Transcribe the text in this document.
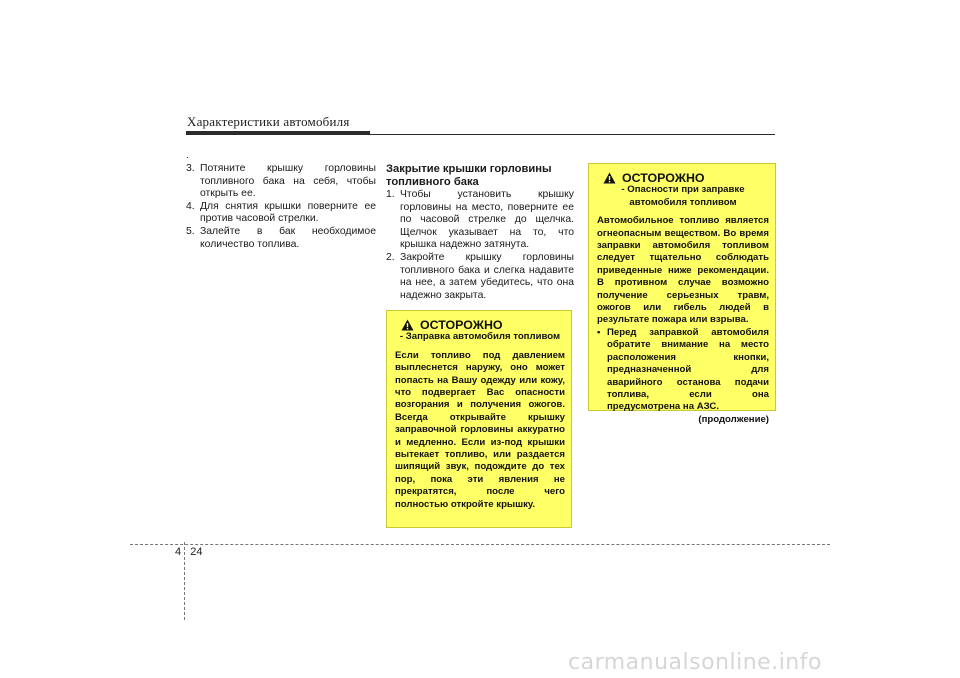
Характеристики автомобиля
.
3. Потяните крышку горловины топливного бака на себя, чтобы открыть ее.
4. Для снятия крышки поверните ее против часовой стрелки.
5. Залейте в бак необходимое количество топлива.

Закрытие крышки горловины топливного бака

1. Чтобы установить крышку горловины на место, поверните ее по часовой стрелке до щелчка. Щелчок указывает на то, что крышка надежно затянута.
2. Закройте крышку горловины топливного бака и слегка надавите на нее, а затем убедитесь, что она надежно закрыта.
ОСТОРОЖНО

- Заправка автомобиля топливом

Если топливо под давлением выплеснется наружу, оно может попасть на Вашу одежду или кожу, что подвергает Вас опасности возгорания и получения ожогов. Всегда открывайте крышку заправочной горловины аккуратно и медленно. Если из-под крышки вытекает топливо, или раздается шипящий звук, подождите до тех пор, пока эти явления не прекратятся, после чего полностью откройте крышку.

ОСТОРОЖНО

- Опасности при заправке автомобиля топливом

Автомобильное топливо является огнеопасным веществом. Во время заправки автомобиля топливом следует тщательно соблюдать приведенные ниже рекомендации. В противном случае возможно получение серьезных травм, ожогов или гибель людей в результате пожара или взрыва.

• Перед заправкой автомобиля обратите внимание на место расположения кнопки, предназначенной для аварийного останова подачи топлива, если она предусмотрена на АЗС.

(продолжение)

4   24
carmanualsonline.info
